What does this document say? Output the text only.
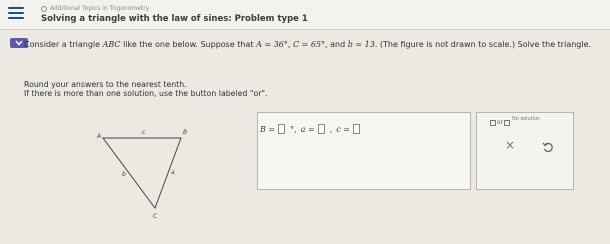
Additional Topics in Trigonometry
Solving a triangle with the law of sines: Problem type 1
Consider a triangle ABC like the one below. Suppose that A = 36°, C = 65°, and b = 13. (The figure is not drawn to scale.) Solve the triangle.
Round your answers to the nearest tenth.
If there is more than one solution, use the button labeled "or".
A
B
C
c
a
b
B = °, a = , c =
or No solution
×
